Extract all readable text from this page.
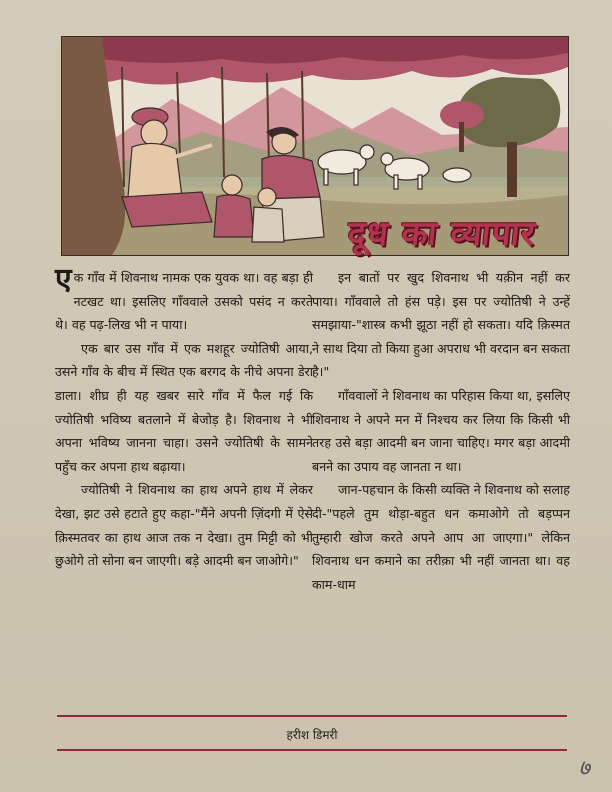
दूध का व्यापार

एक गाँव में शिवनाथ नामक एक युवक था। वह बड़ा ही नटखट था। इसलिए गाँववाले उसको पसंद न करते थे। वह पढ़-लिख भी न पाया।

एक बार उस गाँव में एक मशहूर ज्योतिषी आया, उसने गाँव के बीच में स्थित एक बरगद के नीचे अपना डेरा डाला। शीघ्र ही यह खबर सारे गाँव में फैल गई कि ज्योतिषी भविष्य बतलाने में बेजोड़ है। शिवनाथ ने भी अपना भविष्य जानना चाहा। उसने ज्योतिषी के सामने पहुँच कर अपना हाथ बढ़ाया।

ज्योतिषी ने शिवनाथ का हाथ अपने हाथ में लेकर देखा, झट उसे हटाते हुए कहा-"मैंने अपनी ज़िंदगी में ऐसे क़िस्मतवर का हाथ आज तक न देखा। तुम मिट्टी को भी छुओगे तो सोना बन जाएगी। बड़े आदमी बन जाओगे।"

इन बातों पर खुद शिवनाथ भी यक़ीन नहीं कर पाया। गाँववाले तो हंस पड़े। इस पर ज्योतिषी ने उन्हें समझाया-"शास्त्र कभी झूठा नहीं हो सकता। यदि क़िस्मत ने साथ दिया तो किया हुआ अपराध भी वरदान बन सकता है।"

गाँववालों ने शिवनाथ का परिहास किया था, इसलिए शिवनाथ ने अपने मन में निश्चय कर लिया कि किसी भी तरह उसे बड़ा आदमी बन जाना चाहिए। मगर बड़ा आदमी बनने का उपाय वह जानता न था।

जान-पहचान के किसी व्यक्ति ने शिवनाथ को सलाह दी-"पहले तुम थोड़ा-बहुत धन कमाओगे तो बड़प्पन तुम्हारी खोज करते अपने आप आ जाएगा।" लेकिन शिवनाथ धन कमाने का तरीक़ा भी नहीं जानता था। वह काम-धाम

हरीश डिमरी
७
